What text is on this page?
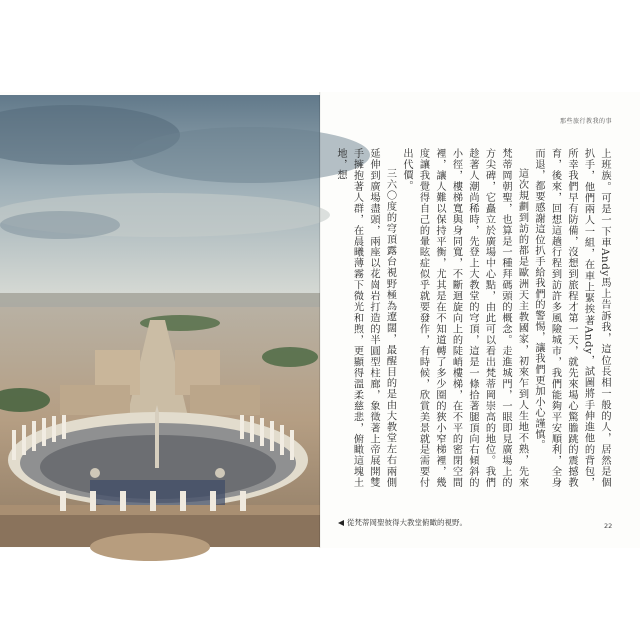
那些旅行教我的事

上班族。可是一下車Andy馬上告訴我，這位長相一般的人，居然是個扒手，他們兩人一組，在車上緊挨著Andy，試圖將手伸進他的背包，所幸我們早有防備，沒想到旅程才第一天，就先來場心驚膽跳的震撼教育，後來，回想這趟行程到訪許多風險城市，我們能夠平安順利，全身而退，都要感謝這位扒手給我們的警惕，讓我們更加小心謹慎。

這次規劃到訪的都是歐洲天主教國家，初來乍到人生地不熟，先來梵蒂岡朝聖，也算是一種拜碼頭的概念。走進城門，一眼即見廣場上的方尖碑，它矗立於廣場中心點，由此可以看出梵蒂岡崇高的地位。我們趁著人潮尚稀時，先登上大教堂的穹頂，這是一條拾著腿頂向右傾斜的小徑，樓梯寬與身同寬，不斷迴旋向上的陡峭樓梯，在不平的密閉空間裡，讓人難以保持平衡，尤其是在不知道轉了多少圈的狹小窄梯裡，幾度讓我覺得自己的暈眩症似乎就要發作，有時候，欣賞美景就是需要付出代價。

三六〇度的穹頂露台視野極為遼闊，最醒目的是由大教堂左右兩側延伸到廣場盡頭，兩座以花崗岩打造的半圓型柱廊，象徵著上帝展開雙手擁抱著人群，在晨曦薄霧下微光和煦，更顯得溫柔慈悲，俯瞰這塊土地，想

從梵蒂岡聖彼得大教堂俯瞰的視野。	22
